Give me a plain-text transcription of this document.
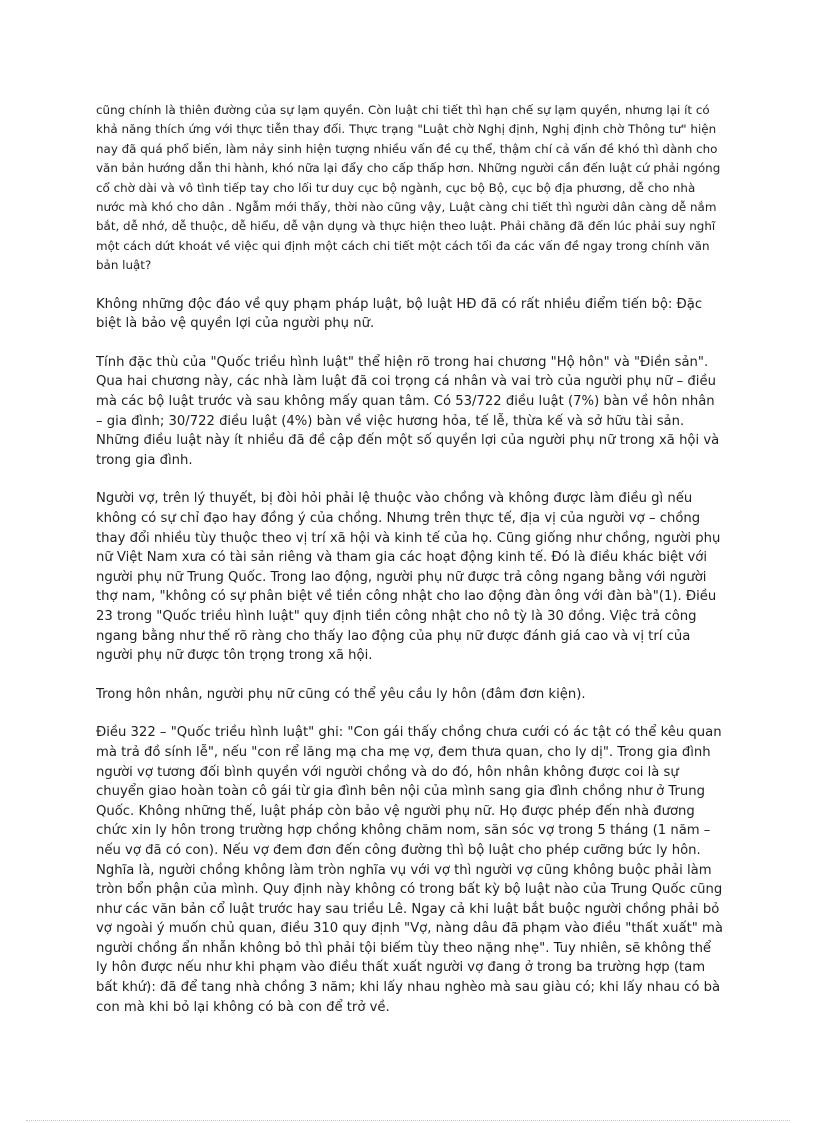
cũng chính là thiên đường của sự lạm quyền. Còn luật chi tiết thì hạn chế sự lạm quyền, nhưng lại ít có khả năng thích ứng với thực tiễn thay đổi. Thực trạng "Luật chờ Nghị định, Nghị định chờ Thông tư" hiện nay đã quá phổ biến, làm nảy sinh hiện tượng nhiều vấn đề cụ thể, thậm chí cả vấn đề khó thì dành cho văn bản hướng dẫn thi hành, khó nữa lại đẩy cho cấp thấp hơn. Những người cần đến luật cứ phải ngóng cổ chờ dài và vô tình tiếp tay cho lối tư duy cục bộ ngành, cục bộ Bộ, cục bộ địa phương, dễ cho nhà nước mà khó cho dân . Ngẫm mới thấy, thời nào cũng vậy, Luật càng chi tiết thì người dân càng dễ nắm bắt, dễ nhớ, dễ thuộc, dễ hiểu, dễ vận dụng và thực hiện theo luật. Phải chăng đã đến lúc phải suy nghĩ một cách dứt khoát về việc qui định một cách chi tiết một cách tối đa các vấn đề ngay trong chính văn bản luật?

Không những độc đáo về quy phạm pháp luật, bộ luật HĐ đã có rất nhiều điểm tiến bộ: Đặc biệt là bảo vệ quyền lợi của người phụ nữ.

Tính đặc thù của "Quốc triều hình luật" thể hiện rõ trong hai chương "Hộ hôn" và "Điền sản". Qua hai chương này, các nhà làm luật đã coi trọng cá nhân và vai trò của người phụ nữ – điều mà các bộ luật trước và sau không mấy quan tâm. Có 53/722 điều luật (7%) bàn về hôn nhân – gia đình; 30/722 điều luật (4%) bàn về việc hương hỏa, tế lễ, thừa kế và sở hữu tài sản. Những điều luật này ít nhiều đã đề cập đến một số quyền lợi của người phụ nữ trong xã hội và trong gia đình.

Người vợ, trên lý thuyết, bị đòi hỏi phải lệ thuộc vào chồng và không được làm điều gì nếu không có sự chỉ đạo hay đồng ý của chồng. Nhưng trên thực tế, địa vị của người vợ – chồng thay đổi nhiều tùy thuộc theo vị trí xã hội và kinh tế của họ. Cũng giống như chồng, người phụ nữ Việt Nam xưa có tài sản riêng và tham gia các hoạt động kinh tế. Đó là điều khác biệt với người phụ nữ Trung Quốc. Trong lao động, người phụ nữ được trả công ngang bằng với người thợ nam, "không có sự phân biệt về tiền công nhật cho lao động đàn ông với đàn bà"(1). Điều 23 trong "Quốc triều hình luật" quy định tiền công nhật cho nô tỳ là 30 đồng. Việc trả công ngang bằng như thế rõ ràng cho thấy lao động của phụ nữ được đánh giá cao và vị trí của người phụ nữ được tôn trọng trong xã hội.

Trong hôn nhân, người phụ nữ cũng có thể yêu cầu ly hôn (đâm đơn kiện).

Điều 322 – "Quốc triều hình luật" ghi: "Con gái thấy chồng chưa cưới có ác tật có thể kêu quan mà trả đồ sính lễ", nếu "con rể lăng mạ cha mẹ vợ, đem thưa quan, cho ly dị". Trong gia đình người vợ tương đối bình quyền với người chồng và do đó, hôn nhân không được coi là sự chuyển giao hoàn toàn cô gái từ gia đình bên nội của mình sang gia đình chồng như ở Trung Quốc. Không những thế, luật pháp còn bảo vệ người phụ nữ. Họ được phép đến nhà đương chức xin ly hôn trong trường hợp chồng không chăm nom, săn sóc vợ trong 5 tháng (1 năm – nếu vợ đã có con). Nếu vợ đem đơn đến công đường thì bộ luật cho phép cưỡng bức ly hôn. Nghĩa là, người chồng không làm tròn nghĩa vụ với vợ thì người vợ cũng không buộc phải làm tròn bổn phận của mình. Quy định này không có trong bất kỳ bộ luật nào của Trung Quốc cũng như các văn bản cổ luật trước hay sau triều Lê. Ngay cả khi luật bắt buộc người chồng phải bỏ vợ ngoài ý muốn chủ quan, điều 310 quy định "Vợ, nàng dâu đã phạm vào điều "thất xuất" mà người chồng ẩn nhẫn không bỏ thì phải tội biếm tùy theo nặng nhẹ". Tuy nhiên, sẽ không thể ly hôn được nếu như khi phạm vào điều thất xuất người vợ đang ở trong ba trường hợp (tam bất khứ): đã để tang nhà chồng 3 năm; khi lấy nhau nghèo mà sau giàu có; khi lấy nhau có bà con mà khi bỏ lại không có bà con để trở về.
